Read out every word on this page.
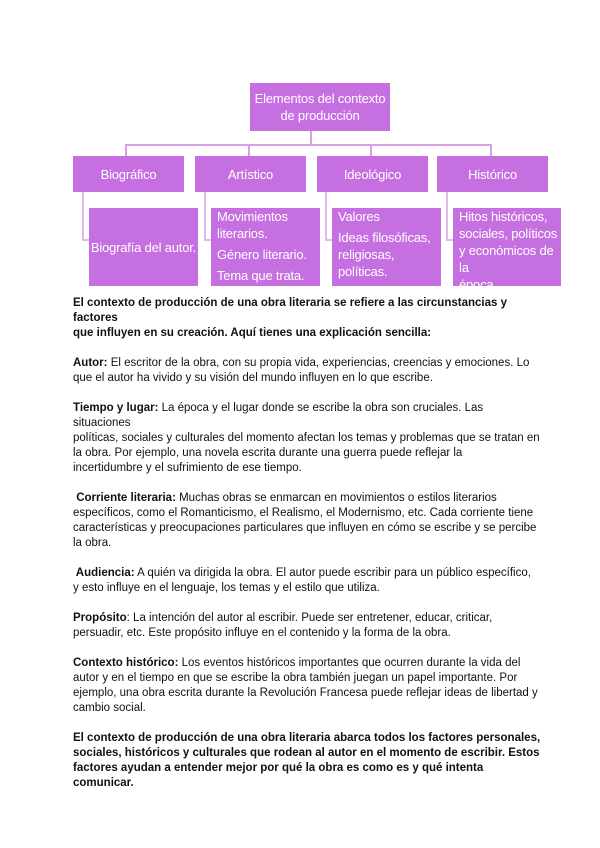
Elementos del contexto
de producción
Biográfico	Artístico	Ideológico	Histórico
Biografía del autor.
Movimientos literarios.
Género literario.
Tema que trata.
Valores
Ideas filosóficas,
religiosas, políticas.
Hitos históricos,
sociales, políticos
y económicos de la
época.

El contexto de producción de una obra literaria se refiere a las circunstancias y factores
que influyen en su creación. Aquí tienes una explicación sencilla:

Autor: El escritor de la obra, con su propia vida, experiencias, creencias y emociones. Lo
que el autor ha vivido y su visión del mundo influyen en lo que escribe.

Tiempo y lugar: La época y el lugar donde se escribe la obra son cruciales. Las situaciones
políticas, sociales y culturales del momento afectan los temas y problemas que se tratan en
la obra. Por ejemplo, una novela escrita durante una guerra puede reflejar la
incertidumbre y el sufrimiento de ese tiempo.

Corriente literaria: Muchas obras se enmarcan en movimientos o estilos literarios
específicos, como el Romanticismo, el Realismo, el Modernismo, etc. Cada corriente tiene
características y preocupaciones particulares que influyen en cómo se escribe y se percibe
la obra.

Audiencia: A quién va dirigida la obra. El autor puede escribir para un público específico,
y esto influye en el lenguaje, los temas y el estilo que utiliza.

Propósito: La intención del autor al escribir. Puede ser entretener, educar, criticar,
persuadir, etc. Este propósito influye en el contenido y la forma de la obra.

Contexto histórico: Los eventos históricos importantes que ocurren durante la vida del
autor y en el tiempo en que se escribe la obra también juegan un papel importante. Por
ejemplo, una obra escrita durante la Revolución Francesa puede reflejar ideas de libertad y
cambio social.

El contexto de producción de una obra literaria abarca todos los factores personales,
sociales, históricos y culturales que rodean al autor en el momento de escribir. Estos
factores ayudan a entender mejor por qué la obra es como es y qué intenta comunicar.
